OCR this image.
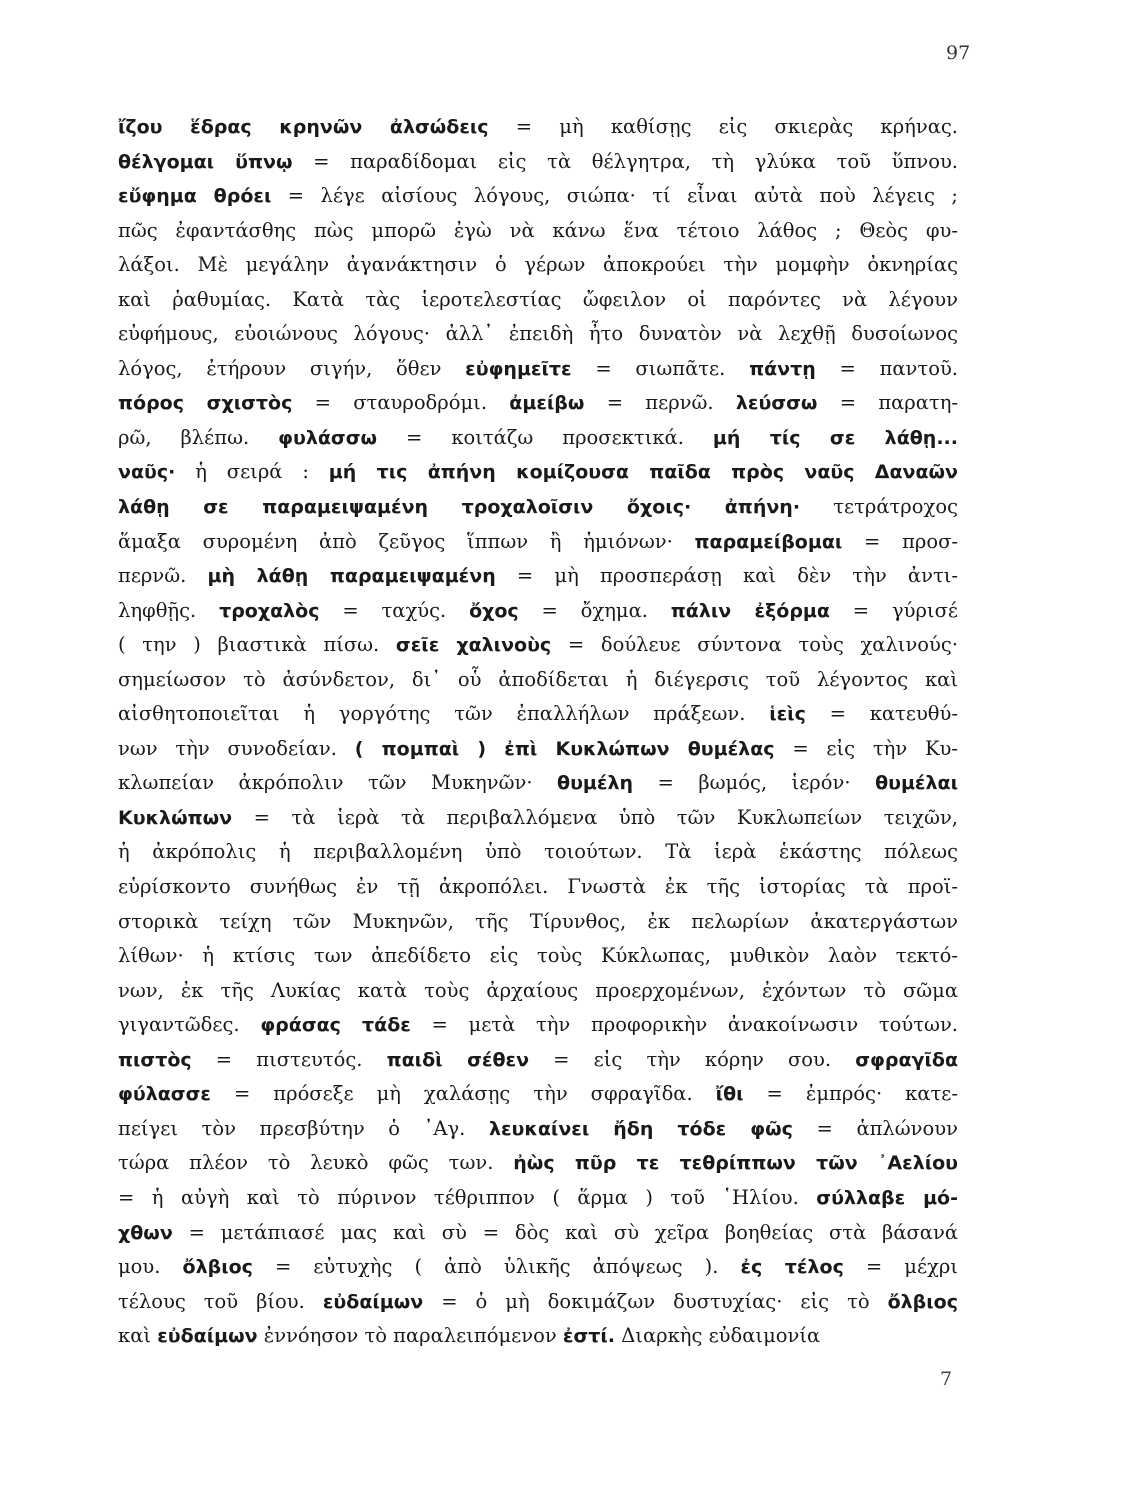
97
ἴζου ἕδρας κρηνῶν ἀλσώδεις = μὴ καθίσῃς εἰς σκιερὰς κρήνας.
θέλγομαι ὕπνῳ = παραδίδομαι εἰς τὰ θέλγητρα, τὴ γλύκα τοῦ ὕπνου.
εὔφημα θρόει = λέγε αἰσίους λόγους, σιώπα· τί εἶναι αὐτὰ ποὺ λέγεις ;
πῶς ἐφαντάσθης πὼς μπορῶ ἐγὼ νὰ κάνω ἕνα τέτοιο λάθος ; Θεὸς φυ-
λάξοι. Μὲ μεγάλην ἀγανάκτησιν ὁ γέρων ἀποκρούει τὴν μομφὴν ὀκνηρίας
καὶ ῥαθυμίας. Κατὰ τὰς ἱεροτελεστίας ὤφειλον οἱ παρόντες νὰ λέγουν
εὐφήμους, εὐοιώνους λόγους· ἀλλ᾿ ἐπειδὴ ἦτο δυνατὸν νὰ λεχθῇ δυσοίωνος
λόγος, ἐτήρουν σιγήν, ὅθεν εὐφημεῖτε = σιωπᾶτε. πάντῃ = παντοῦ.
πόρος σχιστὸς = σταυροδρόμι. ἀμείβω = περνῶ. λεύσσω = παρατη-
ρῶ, βλέπω. φυλάσσω = κοιτάζω προσεκτικά. μή τίς σε λάθῃ...
ναῦς· ἡ σειρά : μή τις ἀπήνη κομίζουσα παῖδα πρὸς ναῦς Δαναῶν
λάθῃ σε παραμειψαμένη τροχαλοῖσιν ὄχοις· ἀπήνη· τετράτροχος
ἅμαξα συρομένη ἀπὸ ζεῦγος ἵππων ἢ ἡμιόνων· παραμείβομαι = προσ-
περνῶ. μὴ λάθῃ παραμειψαμένη = μὴ προσπεράσῃ καὶ δὲν τὴν ἀντι-
ληφθῇς. τροχαλὸς = ταχύς. ὄχος = ὄχημα. πάλιν ἐξόρμα = γύρισέ
( την ) βιαστικὰ πίσω. σεῖε χαλινοὺς = δούλευε σύντονα τοὺς χαλινούς·
σημείωσον τὸ ἀσύνδετον, δι᾿ οὗ ἀποδίδεται ἡ διέγερσις τοῦ λέγοντος καὶ
αἰσθητοποιεῖται ἡ γοργότης τῶν ἐπαλλήλων πράξεων. ἱεὶς = κατευθύ-
νων τὴν συνοδείαν. ( πομπαὶ ) ἐπὶ Κυκλώπων θυμέλας = εἰς τὴν Κυ-
κλωπείαν ἀκρόπολιν τῶν Μυκηνῶν· θυμέλη = βωμός, ἱερόν· θυμέλαι
Κυκλώπων = τὰ ἱερὰ τὰ περιβαλλόμενα ὑπὸ τῶν Κυκλωπείων τειχῶν,
ἡ ἀκρόπολις ἡ περιβαλλομένη ὑπὸ τοιούτων. Τὰ ἱερὰ ἑκάστης πόλεως
εὑρίσκοντο συνήθως ἐν τῇ ἀκροπόλει. Γνωστὰ ἐκ τῆς ἱστορίας τὰ προϊ-
στορικὰ τείχη τῶν Μυκηνῶν, τῆς Τίρυνθος, ἐκ πελωρίων ἀκατεργάστων
λίθων· ἡ κτίσις των ἀπεδίδετο εἰς τοὺς Κύκλωπας, μυθικὸν λαὸν τεκτό-
νων, ἐκ τῆς Λυκίας κατὰ τοὺς ἀρχαίους προερχομένων, ἐχόντων τὸ σῶμα
γιγαντῶδες. φράσας τάδε = μετὰ τὴν προφορικὴν ἀνακοίνωσιν τούτων.
πιστὸς = πιστευτός. παιδὶ σέθεν = εἰς τὴν κόρην σου. σφραγῖδα
φύλασσε = πρόσεξε μὴ χαλάσῃς τὴν σφραγῖδα. ἴθι = ἐμπρός· κατε-
πείγει τὸν πρεσβύτην ὁ ᾿Αγ. λευκαίνει ἤδη τόδε φῶς = ἁπλώνουν
τώρα πλέον τὸ λευκὸ φῶς των. ἠὼς πῦρ τε τεθρίππων τῶν ᾿Αελίου
= ἡ αὐγὴ καὶ τὸ πύρινον τέθριππον ( ἅρμα ) τοῦ ῾Ηλίου. σύλλαβε μό-
χθων = μετάπιασέ μας καὶ σὺ = δὸς καὶ σὺ χεῖρα βοηθείας στὰ βάσανά
μου. ὄλβιος = εὐτυχὴς ( ἀπὸ ὑλικῆς ἀπόψεως ). ἐς τέλος = μέχρι
τέλους τοῦ βίου. εὐδαίμων = ὁ μὴ δοκιμάζων δυστυχίας· εἰς τὸ ὄλβιος
καὶ εὐδαίμων ἐννόησον τὸ παραλειπόμενον ἐστί. Διαρκὴς εὐδαιμονία
7
